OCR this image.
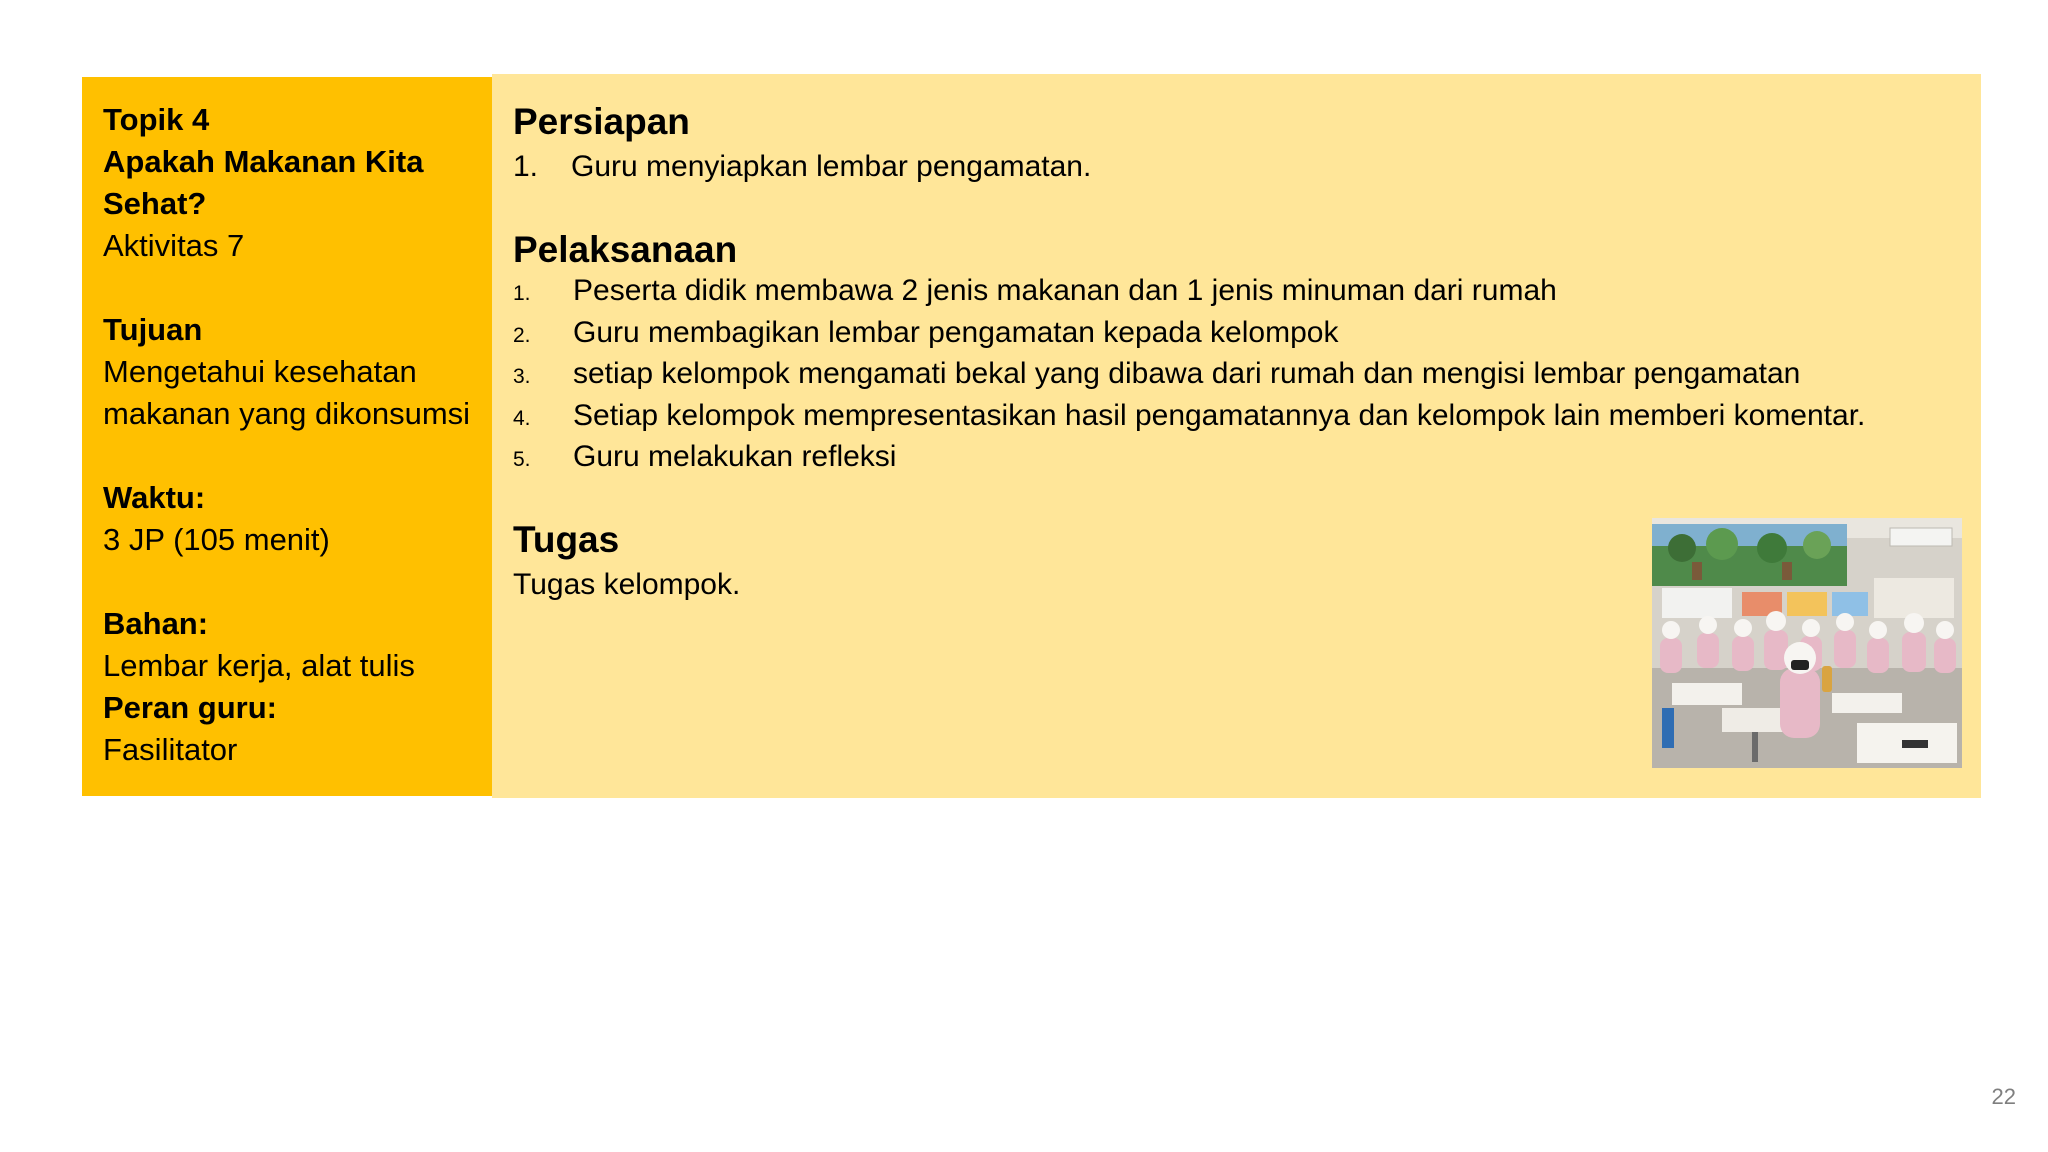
Topik 4
Apakah Makanan Kita
Sehat?
Aktivitas 7
Tujuan
Mengetahui kesehatan
makanan yang dikonsumsi
Waktu:
3 JP (105 menit)
Bahan:
Lembar kerja, alat tulis
Peran guru:
Fasilitator
Persiapan
1.	Guru menyiapkan lembar pengamatan.
Pelaksanaan
1.	Peserta didik membawa 2 jenis makanan dan 1 jenis minuman dari rumah
2.	Guru membagikan lembar pengamatan kepada kelompok
3.	setiap kelompok mengamati bekal yang dibawa dari rumah dan mengisi lembar pengamatan
4.	Setiap kelompok mempresentasikan hasil pengamatannya dan kelompok lain memberi komentar.
5.	Guru melakukan refleksi
Tugas
Tugas kelompok.
22
